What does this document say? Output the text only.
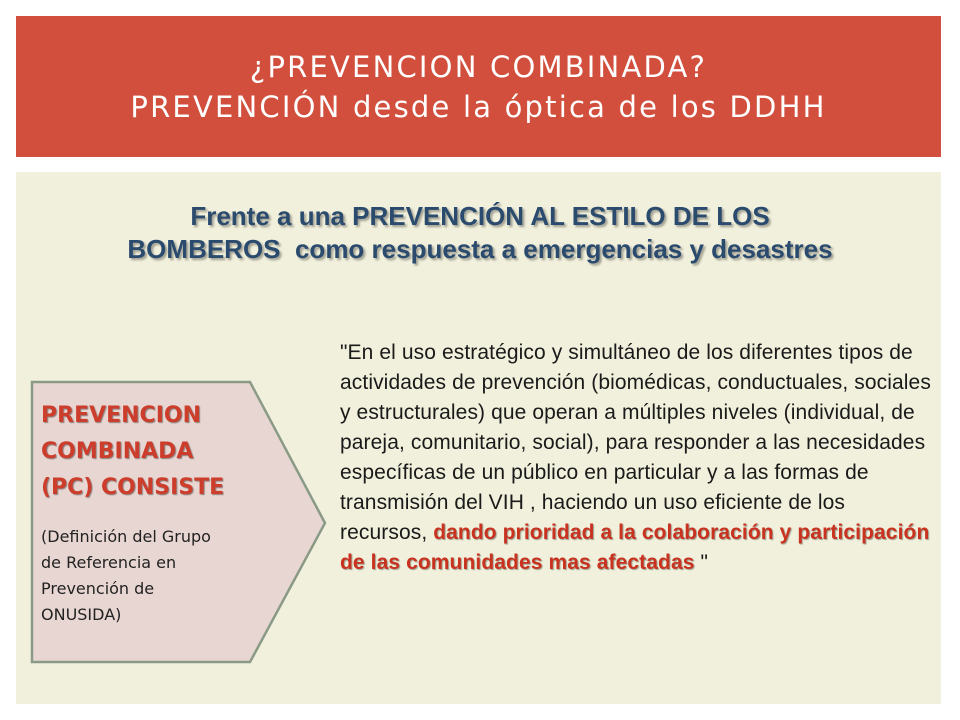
¿PREVENCION COMBINADA?
PREVENCIÓN desde la óptica de los DDHH
Frente a una PREVENCIÓN AL ESTILO DE LOS
BOMBEROS  como respuesta a emergencias y desastres
PREVENCION
COMBINADA
(PC) CONSISTE
(Definición del Grupo
de Referencia en
Prevención de
ONUSIDA)
"En el uso estratégico y simultáneo de los diferentes tipos de actividades de prevención (biomédicas, conductuales, sociales y estructurales) que operan a múltiples niveles (individual, de pareja, comunitario, social), para responder a las necesidades específicas de un público en particular y a las formas de transmisión del VIH , haciendo un uso eficiente de los recursos, dando prioridad a la colaboración y participación de las comunidades mas afectadas "
